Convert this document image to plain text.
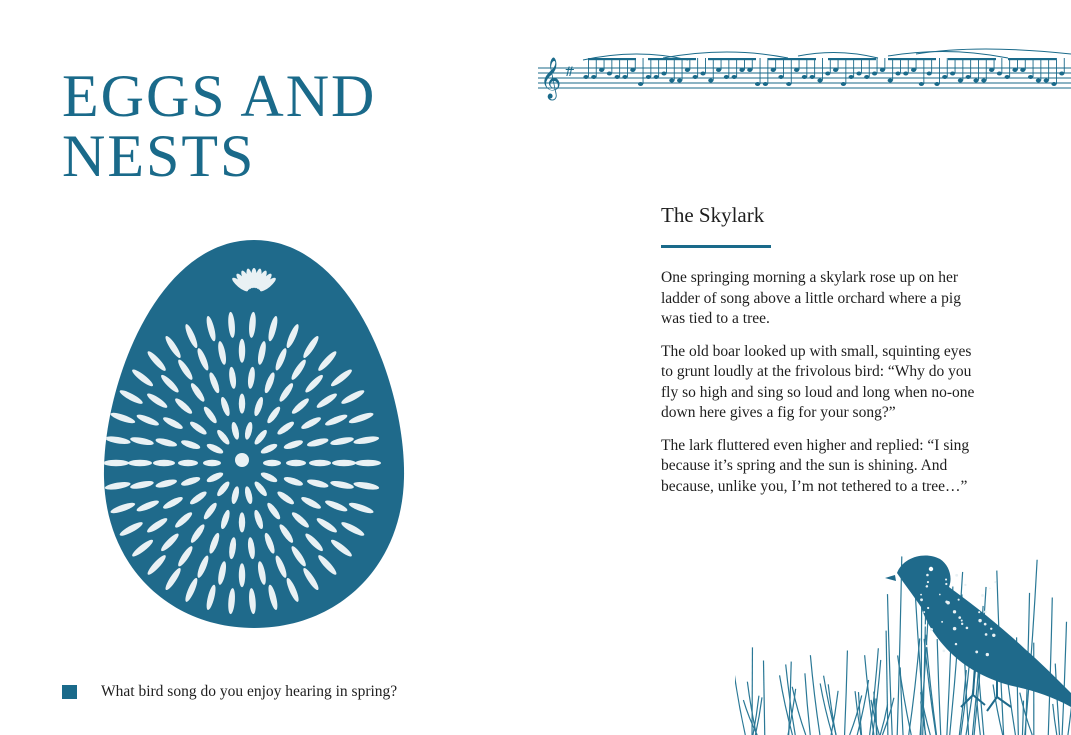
EGGS AND
NESTS
𝄞 #
The Skylark

One springing morning a skylark rose up on her ladder of song above a little orchard where a pig was tied to a tree.

The old boar looked up with small, squinting eyes to grunt loudly at the frivolous bird: “Why do you fly so high and sing so loud and long when no-one down here gives a fig for your song?”

The lark fluttered even higher and replied: “I sing because it’s spring and the sun is shining. And because, unlike you, I’m not tethered to a tree…”

What bird song do you enjoy hearing in spring?
